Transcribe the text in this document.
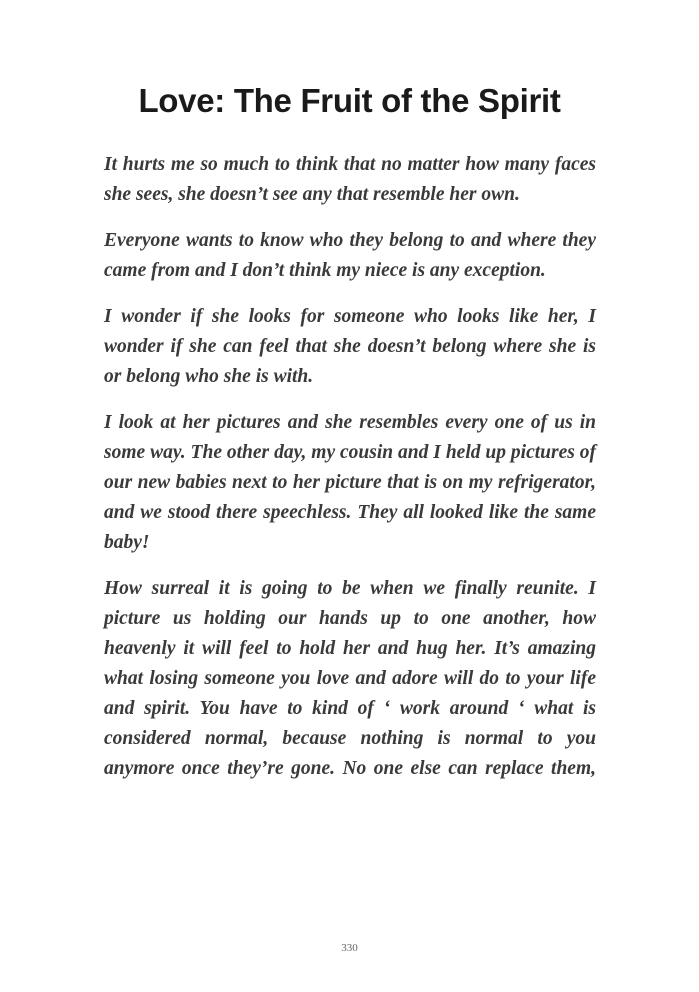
Love: The Fruit of the Spirit

It hurts me so much to think that no matter how many faces she sees, she doesn’t see any that resemble her own.

Everyone wants to know who they belong to and where they came from and I don’t think my niece is any exception.

I wonder if she looks for someone who looks like her, I wonder if she can feel that she doesn’t belong where she is or belong who she is with.

I look at her pictures and she resembles every one of us in some way. The other day, my cousin and I held up pictures of our new babies next to her picture that is on my refrigerator, and we stood there speechless. They all looked like the same baby!

How surreal it is going to be when we finally reunite. I picture us holding our hands up to one another, how heavenly it will feel to hold her and hug her. It’s amazing what losing someone you love and adore will do to your life and spirit. You have to kind of ‘ work around ‘ what is considered normal, because nothing is normal to you anymore once they’re gone. No one else can replace them,

330
